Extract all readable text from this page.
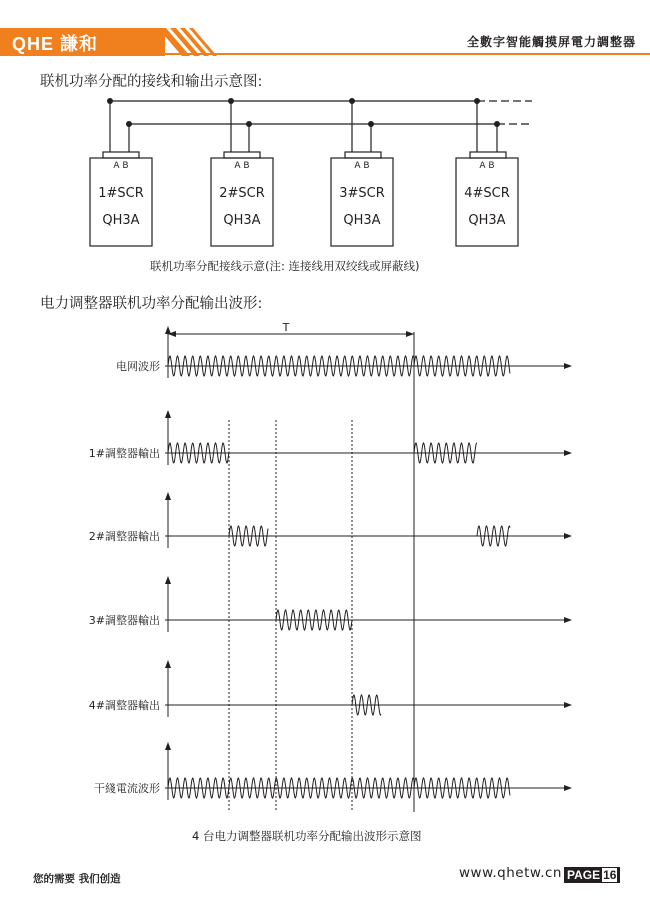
QHE 謙和	全數字智能觸摸屏電力調整器
联机功率分配的接线和输出示意图:
A B
1#SCR
QH3A
A B
2#SCR
QH3A
A B
3#SCR
QH3A
A B
4#SCR
QH3A
联机功率分配接线示意(注: 连接线用双绞线或屏蔽线)
电力调整器联机功率分配输出波形:
T
电网波形
1#調整器輸出
2#調整器輸出
3#調整器輸出
4#調整器輸出
干綫電流波形
4 台电力调整器联机功率分配输出波形示意图
您的需要 我们创造	www.qhetw.cn PAGE 16
